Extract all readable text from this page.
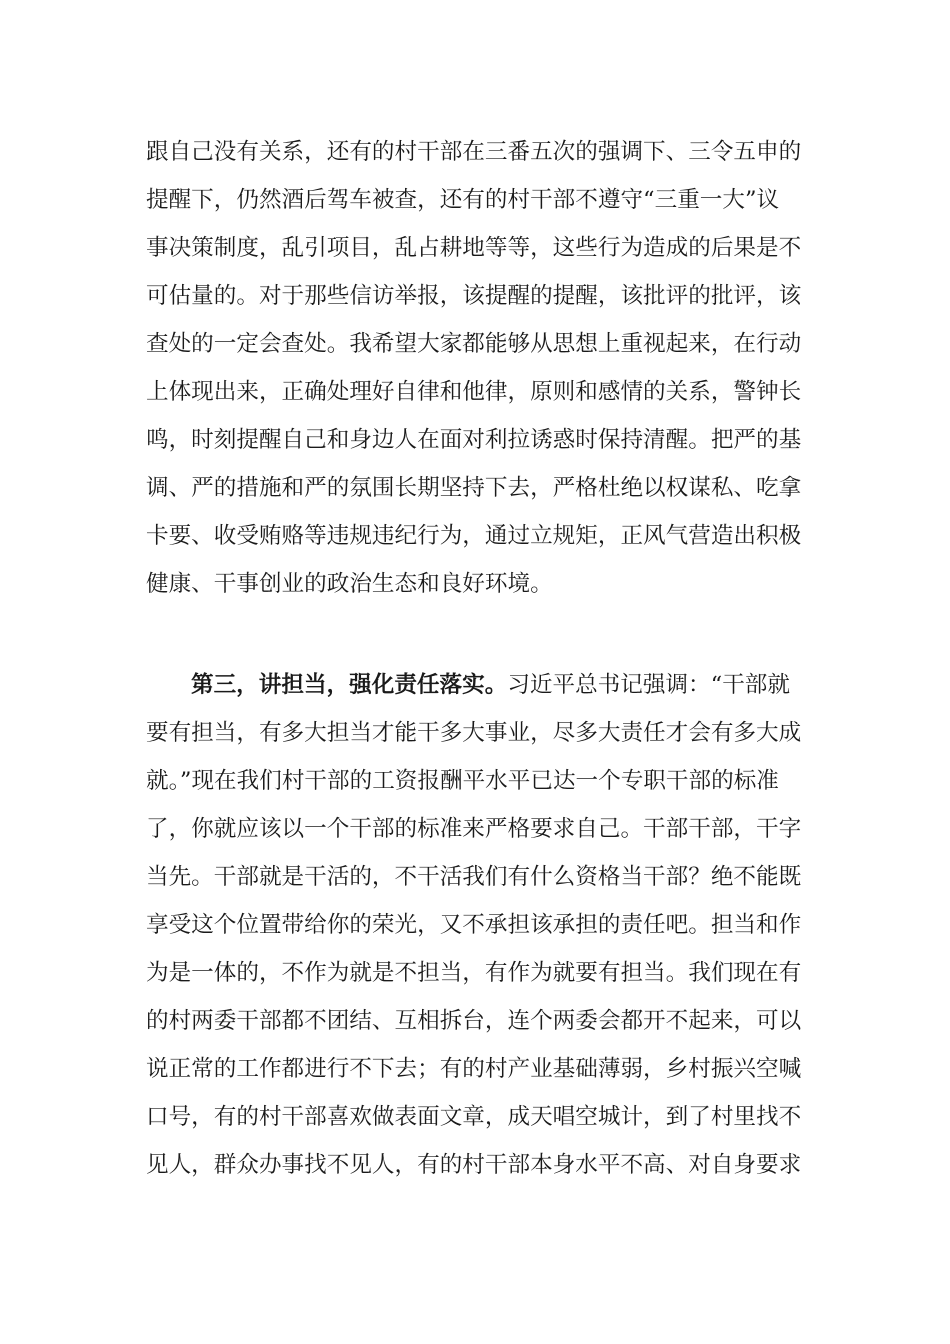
跟自己没有关系，还有的村干部在三番五次的强调下、三令五申的
提醒下，仍然酒后驾车被查，还有的村干部不遵守“三重一大”议
事决策制度，乱引项目，乱占耕地等等，这些行为造成的后果是不
可估量的。对于那些信访举报，该提醒的提醒，该批评的批评，该
查处的一定会查处。我希望大家都能够从思想上重视起来，在行动
上体现出来，正确处理好自律和他律，原则和感情的关系，警钟长
鸣，时刻提醒自己和身边人在面对利拉诱惑时保持清醒。把严的基
调、严的措施和严的氛围长期坚持下去，严格杜绝以权谋私、吃拿
卡要、收受贿赂等违规违纪行为，通过立规矩，正风气营造出积极
健康、干事创业的政治生态和良好环境。
第三，讲担当，强化责任落实。习近平总书记强调：“干部就
要有担当，有多大担当才能干多大事业，尽多大责任才会有多大成
就。”现在我们村干部的工资报酬平水平已达一个专职干部的标准
了，你就应该以一个干部的标准来严格要求自己。干部干部，干字
当先。干部就是干活的，不干活我们有什么资格当干部？绝不能既
享受这个位置带给你的荣光，又不承担该承担的责任吧。担当和作
为是一体的，不作为就是不担当，有作为就要有担当。我们现在有
的村两委干部都不团结、互相拆台，连个两委会都开不起来，可以
说正常的工作都进行不下去；有的村产业基础薄弱，乡村振兴空喊
口号，有的村干部喜欢做表面文章，成天唱空城计，到了村里找不
见人，群众办事找不见人，有的村干部本身水平不高、对自身要求
